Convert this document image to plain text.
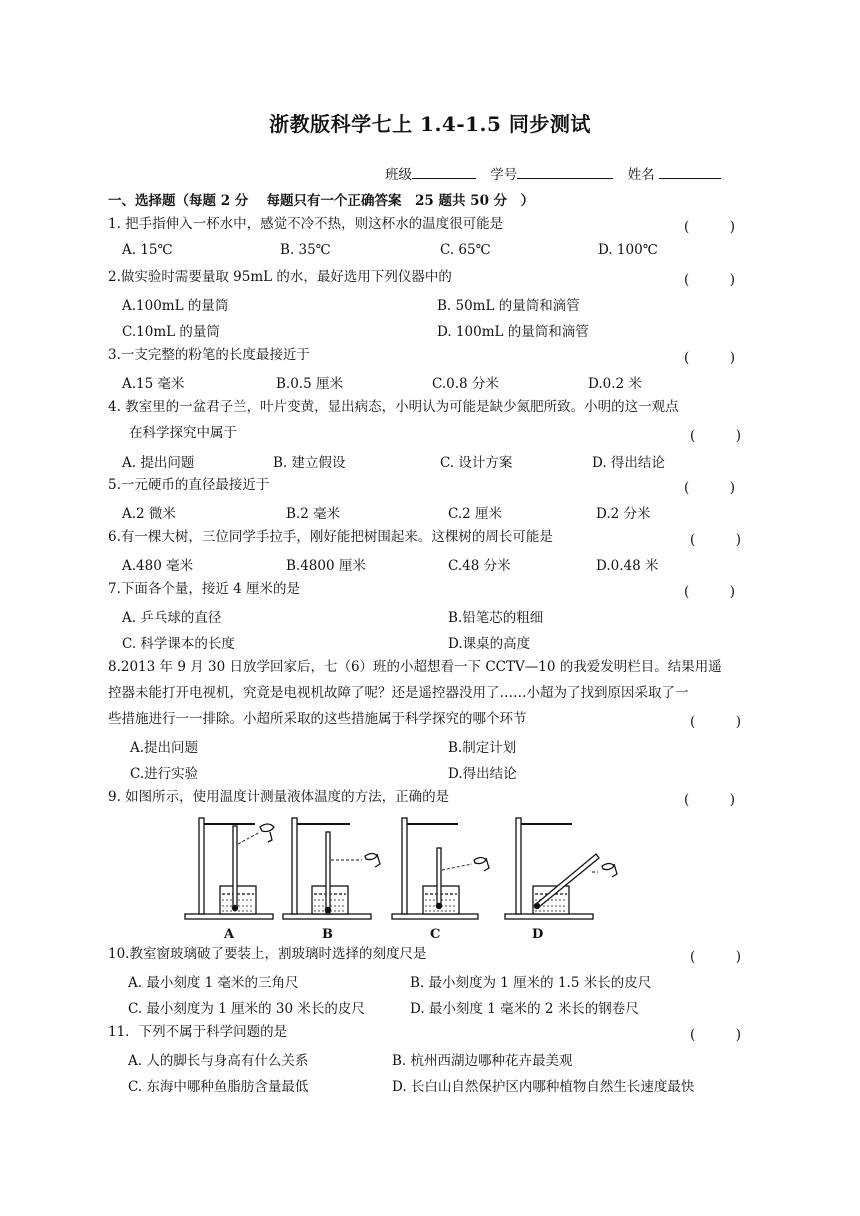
浙教版科学七上 1.4-1.5 同步测试
班级	学号	姓名
一、选择题（每题 2 分　 每题只有一个正确答案　25 题共 50 分　）
1. 把手指伸入一杯水中，感觉不冷不热，则这杯水的温度很可能是	(　　　)
A. 15℃	B. 35℃	C. 65℃	D. 100℃
2.做实验时需要量取 95mL 的水，最好选用下列仪器中的	(　　　)
A.100mL 的量筒	B. 50mL 的量筒和滴管
C.10mL 的量筒	D. 100mL 的量筒和滴管
3.一支完整的粉笔的长度最接近于	(　　　)
A.15 毫米	B.0.5 厘米	C.0.8 分米	D.0.2 米
4. 教室里的一盆君子兰，叶片变黄，显出病态，小明认为可能是缺少氮肥所致。小明的这一观点
在科学探究中属于	(　　　)
A. 提出问题	B. 建立假设	C. 设计方案	D. 得出结论
5.一元硬币的直径最接近于	(　　　)
A.2 微米	B.2 毫米	C.2 厘米	D.2 分米
6.有一棵大树，三位同学手拉手，刚好能把树围起来。这棵树的周长可能是	(　　　)
A.480 毫米	B.4800 厘米	C.48 分米	D.0.48 米
7.下面各个量，接近 4 厘米的是	(　　　)
A. 乒乓球的直径	B.铅笔芯的粗细
C. 科学课本的长度	D.课桌的高度
8.2013 年 9 月 30 日放学回家后，七（6）班的小超想看一下 CCTV—10 的我爱发明栏目。结果用遥
控器未能打开电视机，究竟是电视机故障了呢？还是遥控器没用了……小超为了找到原因采取了一
些措施进行一一排除。小超所采取的这些措施属于科学探究的哪个环节	(　　　)
A.提出问题	B.制定计划
C.进行实验	D.得出结论
9. 如图所示，使用温度计测量液体温度的方法，正确的是	(　　　)
A	B	C	D
10.教室窗玻璃破了要装上，割玻璃时选择的刻度尺是	(　　　)
A. 最小刻度 1 毫米的三角尺	B. 最小刻度为 1 厘米的 1.5 米长的皮尺
C. 最小刻度为 1 厘米的 30 米长的皮尺	D. 最小刻度 1 毫米的 2 米长的钢卷尺
11．下列不属于科学问题的是	(　　　)
A. 人的脚长与身高有什么关系	B. 杭州西湖边哪种花卉最美观
C. 东海中哪种鱼脂肪含量最低	D. 长白山自然保护区内哪种植物自然生长速度最快
